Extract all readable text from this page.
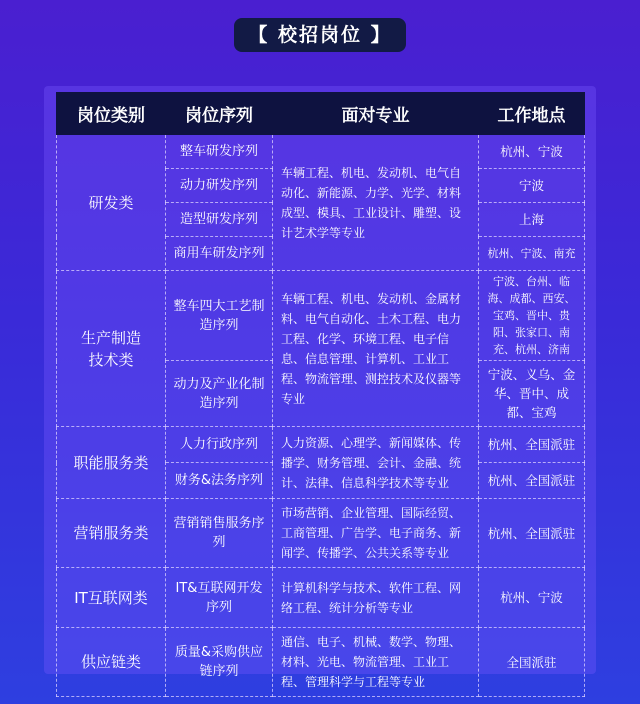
【 校招岗位 】
岗位类别	岗位序列	面对专业	工作地点
研发类	整车研发序列	车辆工程、机电、发动机、电气自动化、新能源、力学、光学、材料成型、模具、工业设计、雕塑、设计艺术学等专业	杭州、宁波
	动力研发序列		宁波
	造型研发序列		上海
	商用车研发序列		杭州、宁波、南充
生产制造
技术类	整车四大工艺制造序列	车辆工程、机电、发动机、金属材料、电气自动化、土木工程、电力工程、化学、环境工程、电子信息、信息管理、计算机、工业工程、物流管理、测控技术及仪器等专业	宁波、台州、临海、成都、西安、宝鸡、晋中、贵阳、张家口、南充、杭州、济南
	动力及产业化制造序列		宁波、义乌、金华、晋中、成都、宝鸡
职能服务类	人力行政序列	人力资源、心理学、新闻媒体、传播学、财务管理、会计、金融、统计、法律、信息科学技术等专业	杭州、全国派驻
	财务&法务序列		杭州、全国派驻
营销服务类	营销销售服务序列	市场营销、企业管理、国际经贸、工商管理、广告学、电子商务、新闻学、传播学、公共关系等专业	杭州、全国派驻
IT互联网类	IT&互联网开发序列	计算机科学与技术、软件工程、网络工程、统计分析等专业	杭州、宁波
供应链类	质量&采购供应链序列	通信、电子、机械、数学、物理、材料、光电、物流管理、工业工程、管理科学与工程等专业	全国派驻
